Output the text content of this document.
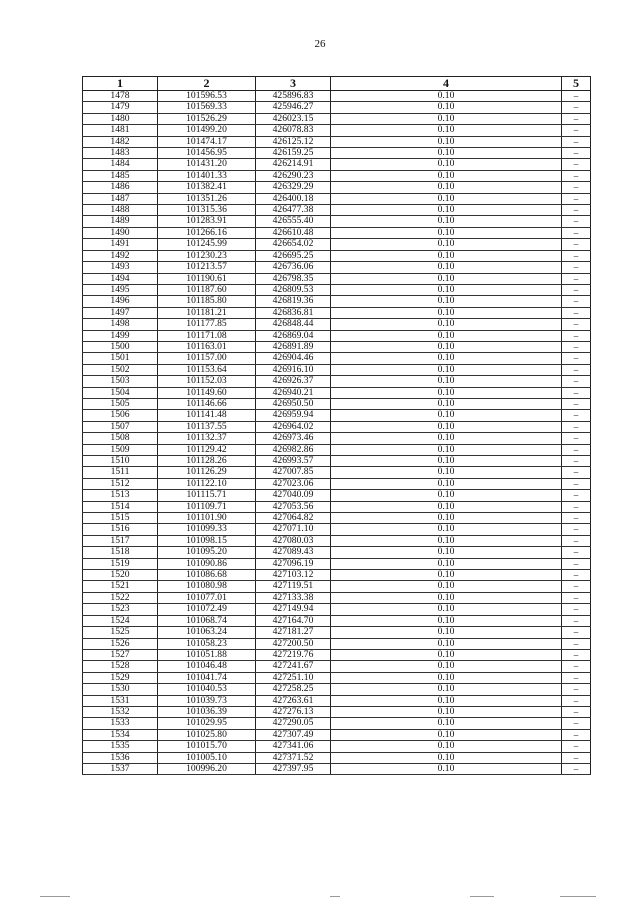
26
1	2	3	4	5
1478	101596.53	425896.83	0.10	–
1479	101569.33	425946.27	0.10	–
1480	101526.29	426023.15	0.10	–
1481	101499.20	426078.83	0.10	–
1482	101474.17	426125.12	0.10	–
1483	101456.95	426159.25	0.10	–
1484	101431.20	426214.91	0.10	–
1485	101401.33	426290.23	0.10	–
1486	101382.41	426329.29	0.10	–
1487	101351.26	426400.18	0.10	–
1488	101315.36	426477.38	0.10	–
1489	101283.91	426555.40	0.10	–
1490	101266.16	426610.48	0.10	–
1491	101245.99	426654.02	0.10	–
1492	101230.23	426695.25	0.10	–
1493	101213.57	426736.06	0.10	–
1494	101190.61	426798.35	0.10	–
1495	101187.60	426809.53	0.10	–
1496	101185.80	426819.36	0.10	–
1497	101181.21	426836.81	0.10	–
1498	101177.85	426848.44	0.10	–
1499	101171.08	426869.04	0.10	–
1500	101163.01	426891.89	0.10	–
1501	101157.00	426904.46	0.10	–
1502	101153.64	426916.10	0.10	–
1503	101152.03	426926.37	0.10	–
1504	101149.60	426940.21	0.10	–
1505	101146.66	426950.50	0.10	–
1506	101141.48	426959.94	0.10	–
1507	101137.55	426964.02	0.10	–
1508	101132.37	426973.46	0.10	–
1509	101129.42	426982.86	0.10	–
1510	101128.26	426993.57	0.10	–
1511	101126.29	427007.85	0.10	–
1512	101122.10	427023.06	0.10	–
1513	101115.71	427040.09	0.10	–
1514	101109.71	427053.56	0.10	–
1515	101101.90	427064.82	0.10	–
1516	101099.33	427071.10	0.10	–
1517	101098.15	427080.03	0.10	–
1518	101095.20	427089.43	0.10	–
1519	101090.86	427096.19	0.10	–
1520	101086.68	427103.12	0.10	–
1521	101080.98	427119.51	0.10	–
1522	101077.01	427133.38	0.10	–
1523	101072.49	427149.94	0.10	–
1524	101068.74	427164.70	0.10	–
1525	101063.24	427181.27	0.10	–
1526	101058.23	427200.50	0.10	–
1527	101051.88	427219.76	0.10	–
1528	101046.48	427241.67	0.10	–
1529	101041.74	427251.10	0.10	–
1530	101040.53	427258.25	0.10	–
1531	101039.73	427263.61	0.10	–
1532	101036.39	427276.13	0.10	–
1533	101029.95	427290.05	0.10	–
1534	101025.80	427307.49	0.10	–
1535	101015.70	427341.06	0.10	–
1536	101005.10	427371.52	0.10	–
1537	100996.20	427397.95	0.10	–
